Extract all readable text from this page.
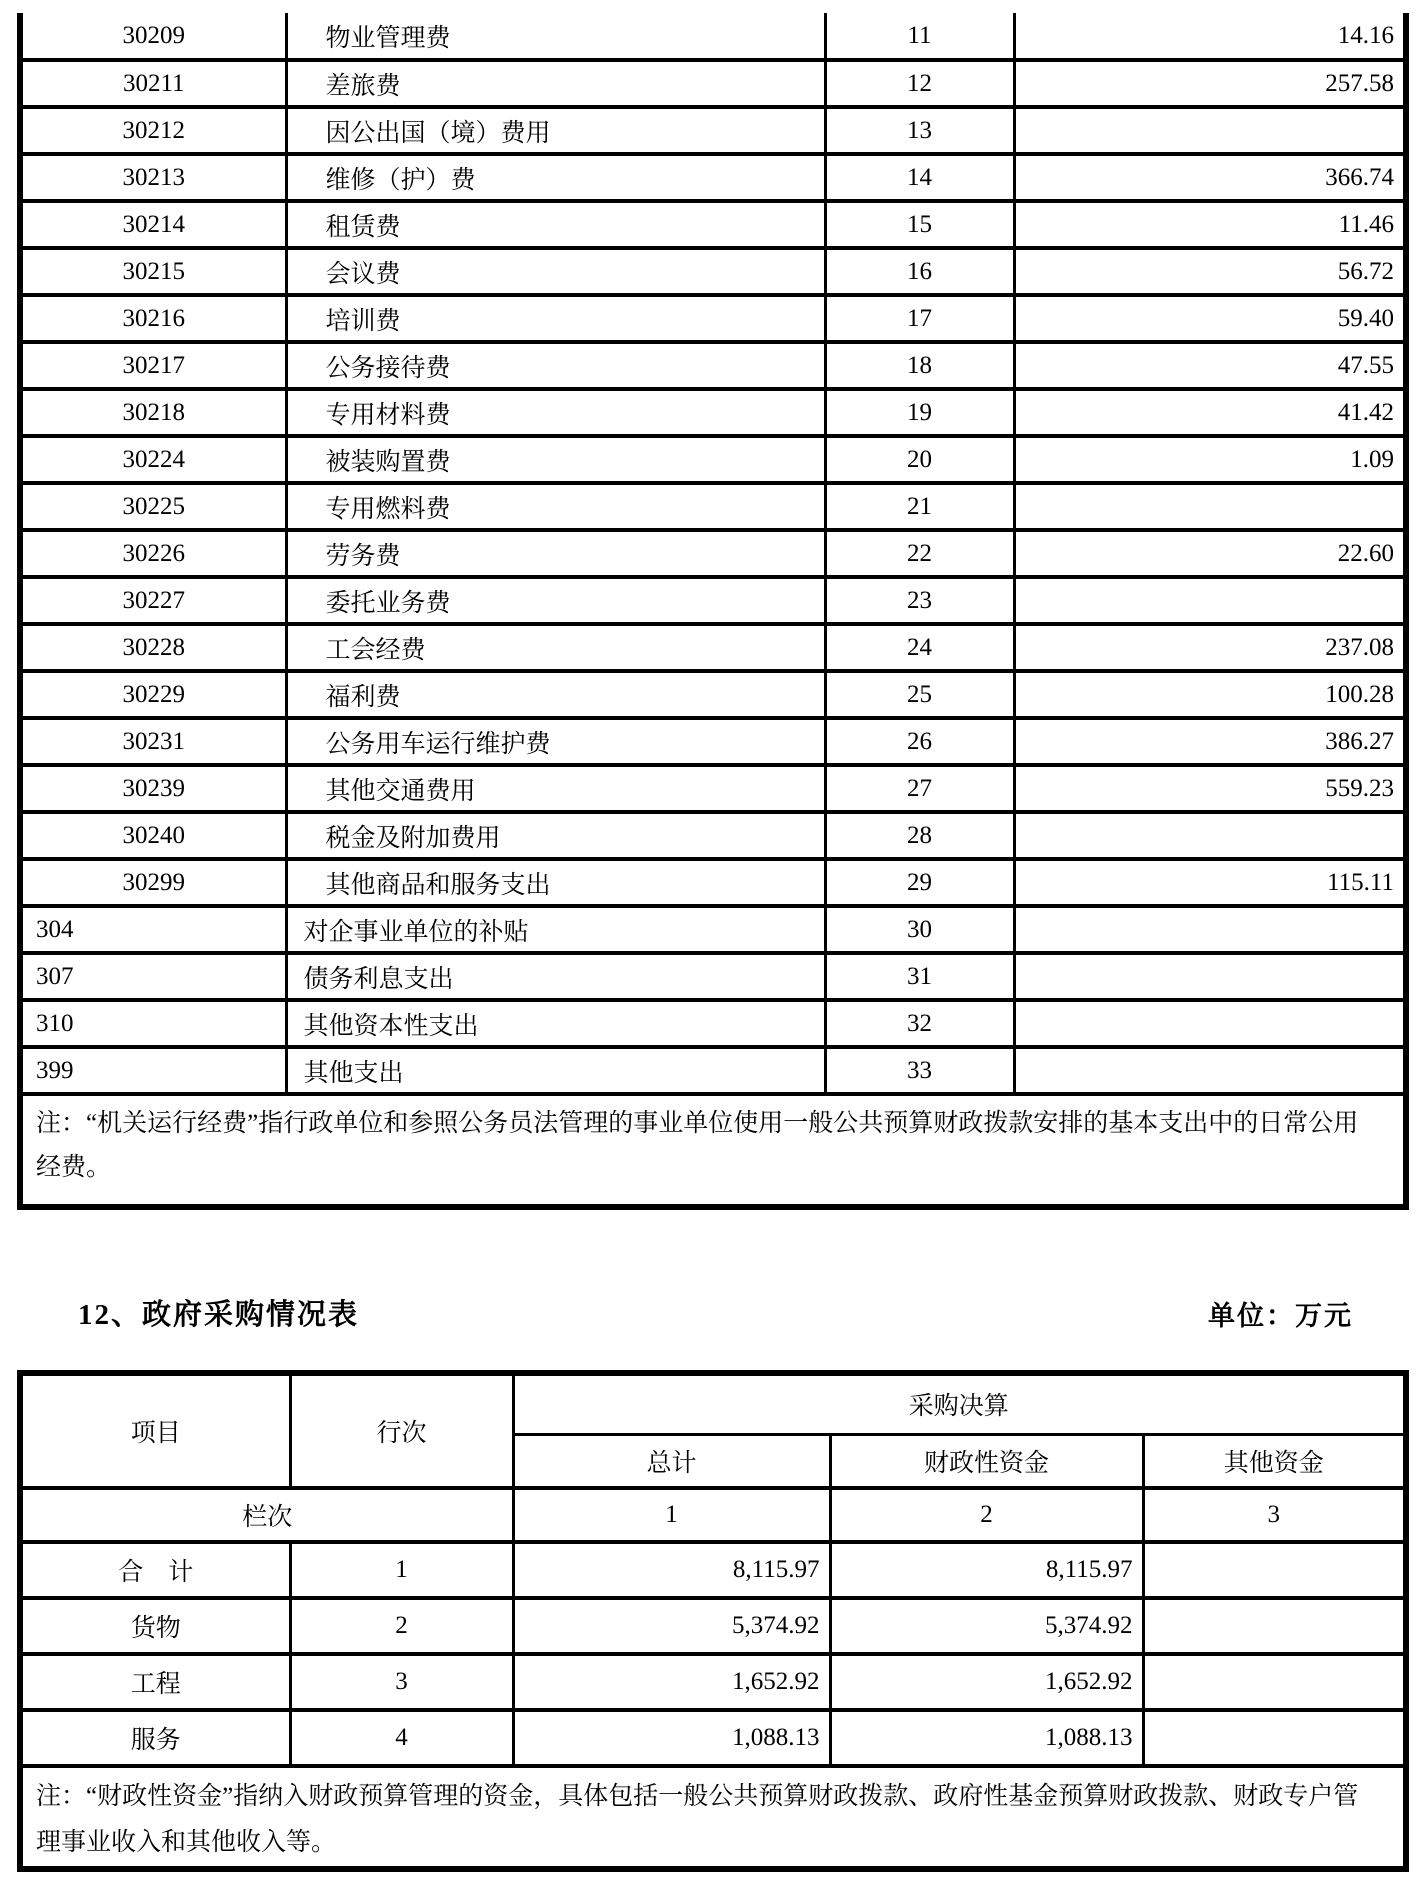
30209	物业管理费	11	14.16
30211	差旅费	12	257.58
30212	因公出国（境）费用	13	
30213	维修（护）费	14	366.74
30214	租赁费	15	11.46
30215	会议费	16	56.72
30216	培训费	17	59.40
30217	公务接待费	18	47.55
30218	专用材料费	19	41.42
30224	被装购置费	20	1.09
30225	专用燃料费	21	
30226	劳务费	22	22.60
30227	委托业务费	23	
30228	工会经费	24	237.08
30229	福利费	25	100.28
30231	公务用车运行维护费	26	386.27
30239	其他交通费用	27	559.23
30240	税金及附加费用	28	
30299	其他商品和服务支出	29	115.11
304	对企事业单位的补贴	30	
307	债务利息支出	31	
310	其他资本性支出	32	
399	其他支出	33	

注：“机关运行经费”指行政单位和参照公务员法管理的事业单位使用一般公共预算财政拨款安排的基本支出中的日常公用
经费。			
12、政府采购情况表	单位：万元
项目	行次	采购决算		
		总计	财政性资金	其他资金
栏次		1	2	3
合　计	1	8,115.97	8,115.97	
货物	2	5,374.92	5,374.92	
工程	3	1,652.92	1,652.92	
服务	4	1,088.13	1,088.13	

注：“财政性资金”指纳入财政预算管理的资金，具体包括一般公共预算财政拨款、政府性基金预算财政拨款、财政专户管
理事业收入和其他收入等。				
